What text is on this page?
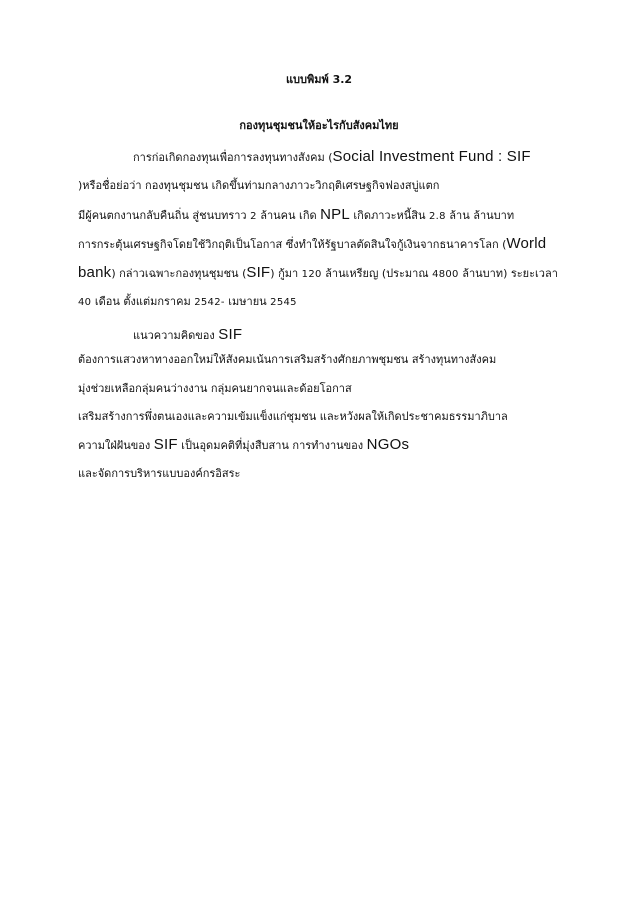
แบบพิมพ์ 3.2
กองทุนชุมชนให้อะไรกับสังคมไทย
การก่อเกิดกองทุนเพื่อการลงทุนทางสังคม (Social Investment Fund : SIF
)หรือชื่อย่อว่า กองทุนชุมชน เกิดขึ้นท่ามกลางภาวะวิกฤติเศรษฐกิจฟองสบู่แตก
มีผู้คนตกงานกลับคืนถิ่น สู่ชนบทราว 2 ล้านคน เกิด NPL เกิดภาวะหนี้สิน 2.8 ล้าน ล้านบาท
การกระตุ้นเศรษฐกิจโดยใช้วิกฤติเป็นโอกาส ซึ่งทำให้รัฐบาลตัดสินใจกู้เงินจากธนาคารโลก (World
bank) กล่าวเฉพาะกองทุนชุมชน (SIF) กู้มา 120 ล้านเหรียญ (ประมาณ 4800 ล้านบาท) ระยะเวลา
40 เดือน ตั้งแต่มกราคม 2542- เมษายน 2545
แนวความคิดของ SIF
ต้องการแสวงหาทางออกใหม่ให้สังคมเน้นการเสริมสร้างศักยภาพชุมชน สร้างทุนทางสังคม
มุ่งช่วยเหลือกลุ่มคนว่างงาน กลุ่มคนยากจนและด้อยโอกาส
เสริมสร้างการพึ่งตนเองและความเข้มแข็งแก่ชุมชน และหวังผลให้เกิดประชาคมธรรมาภิบาล
ความใฝ่ฝันของ SIF เป็นอุดมคติที่มุ่งสืบสาน การทำงานของ NGOs
และจัดการบริหารแบบองค์กรอิสระ
